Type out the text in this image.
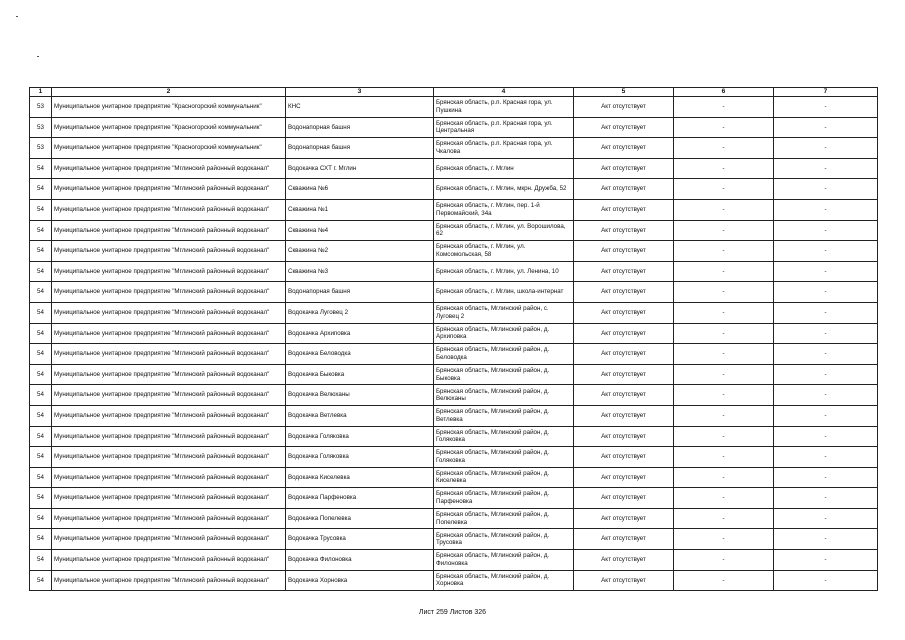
1	2	3	4	5	6	7
53	Муниципальное унитарное предприятие "Красногорский коммунальник"	КНС	Брянская область, р.п. Красная гора, ул. Пушкина	Акт отсутствует	-	-
53	Муниципальное унитарное предприятие "Красногорский коммунальник"	Водонапорная башня	Брянская область, р.п. Красная гора, ул. Центральная	Акт отсутствует	-	-
53	Муниципальное унитарное предприятие "Красногорский коммунальник"	Водонапорная башня	Брянская область, р.п. Красная гора, ул. Чкалова	Акт отсутствует	-	-
54	Муниципальное унитарное предприятие "Мглинский районный водоканал"	Водокачка СХТ г. Мглин	Брянская область, г. Мглин	Акт отсутствует	-	-
54	Муниципальное унитарное предприятие "Мглинский районный водоканал"	Скважина №6	Брянская область, г. Мглин, мкрн. Дружба, 52	Акт отсутствует	-	-
54	Муниципальное унитарное предприятие "Мглинский районный водоканал"	Скважина №1	Брянская область, г. Мглин, пер. 1-й Первомайский, 34а	Акт отсутствует	-	-
54	Муниципальное унитарное предприятие "Мглинский районный водоканал"	Скважина №4	Брянская область, г. Мглин, ул. Ворошилова, 62	Акт отсутствует	-	-
54	Муниципальное унитарное предприятие "Мглинский районный водоканал"	Скважина №2	Брянская область, г. Мглин, ул. Комсомольская, 58	Акт отсутствует	-	-
54	Муниципальное унитарное предприятие "Мглинский районный водоканал"	Скважина №3	Брянская область, г. Мглин, ул. Ленина, 10	Акт отсутствует	-	-
54	Муниципальное унитарное предприятие "Мглинский районный водоканал"	Водонапорная башня	Брянская область, г. Мглин, школа-интернат	Акт отсутствует	-	-
54	Муниципальное унитарное предприятие "Мглинский районный водоканал"	Водокачка Луговец 2	Брянская область, Мглинский район, с. Луговец 2	Акт отсутствует	-	-
54	Муниципальное унитарное предприятие "Мглинский районный водоканал"	Водокачка Архиповка	Брянская область, Мглинский район, д. Архиповка	Акт отсутствует	-	-
54	Муниципальное унитарное предприятие "Мглинский районный водоканал"	Водокачка Беловодка	Брянская область, Мглинский район, д. Беловодка	Акт отсутствует	-	-
54	Муниципальное унитарное предприятие "Мглинский районный водоканал"	Водокачка Быковка	Брянская область, Мглинский район, д. Быковка	Акт отсутствует	-	-
54	Муниципальное унитарное предприятие "Мглинский районный водоканал"	Водокачка Велюханы	Брянская область, Мглинский район, д. Велюханы	Акт отсутствует	-	-
54	Муниципальное унитарное предприятие "Мглинский районный водоканал"	Водокачка Ветлевка	Брянская область, Мглинский район, д. Ветлевка	Акт отсутствует	-	-
54	Муниципальное унитарное предприятие "Мглинский районный водоканал"	Водокачка Голяковка	Брянская область, Мглинский район, д. Голяковка	Акт отсутствует	-	-
54	Муниципальное унитарное предприятие "Мглинский районный водоканал"	Водокачка Голяковка	Брянская область, Мглинский район, д. Голяковка	Акт отсутствует	-	-
54	Муниципальное унитарное предприятие "Мглинский районный водоканал"	Водокачка Киселевка	Брянская область, Мглинский район, д. Киселевка	Акт отсутствует	-	-
54	Муниципальное унитарное предприятие "Мглинский районный водоканал"	Водокачка Парфеновка	Брянская область, Мглинский район, д. Парфеновка	Акт отсутствует	-	-
54	Муниципальное унитарное предприятие "Мглинский районный водоканал"	Водокачка Попелевка	Брянская область, Мглинский район, д. Попелевка	Акт отсутствует	-	-
54	Муниципальное унитарное предприятие "Мглинский районный водоканал"	Водокачка Трусовка	Брянская область, Мглинский район, д. Трусовка	Акт отсутствует	-	-
54	Муниципальное унитарное предприятие "Мглинский районный водоканал"	Водокачка Филоновка	Брянская область, Мглинский район, д. Филоновка	Акт отсутствует	-	-
54	Муниципальное унитарное предприятие "Мглинский районный водоканал"	Водокачка Хорновка	Брянская область, Мглинский район, д. Хорновка	Акт отсутствует	-	-
Лист 259 Листов 326
